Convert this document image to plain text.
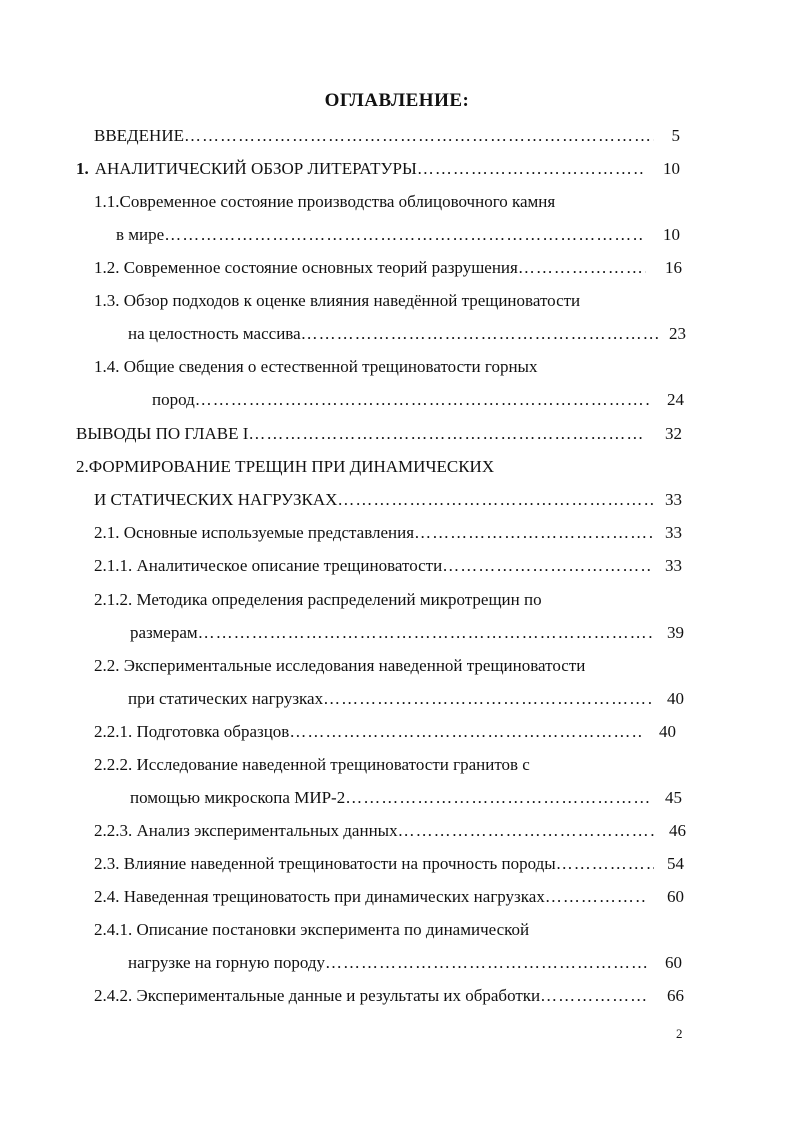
ОГЛАВЛЕНИЕ:
ВВЕДЕНИЕ ……………………………………………………………………………………………………………………………………………………	5
1. АНАЛИТИЧЕСКИЙ ОБЗОР ЛИТЕРАТУРЫ ……………………………………………………………………………………………………………………………………………………	10
1.1.Современное состояние производства облицовочного камня
в мире ……………………………………………………………………………………………………………………………………………………	10
1.2. Современное состояние основных теорий разрушения ……………………………………………………………………………………………………………………………………………………	16
1.3. Обзор подходов к оценке влияния наведённой трещиноватости
на целостность массива ……………………………………………………………………………………………………………………………………………………	23
1.4. Общие сведения о естественной трещиноватости горных
пород ……………………………………………………………………………………………………………………………………………………	24
ВЫВОДЫ ПО ГЛАВЕ I ……………………………………………………………………………………………………………………………………………………	32
2.ФОРМИРОВАНИЕ ТРЕЩИН ПРИ ДИНАМИЧЕСКИХ
И СТАТИЧЕСКИХ НАГРУЗКАХ ……………………………………………………………………………………………………………………………………………………	33
2.1. Основные используемые представления ……………………………………………………………………………………………………………………………………………………	33
2.1.1. Аналитическое описание трещиноватости ……………………………………………………………………………………………………………………………………………………	33
2.1.2. Методика определения распределений микротрещин по
размерам ……………………………………………………………………………………………………………………………………………………	39
2.2. Экспериментальные исследования наведенной трещиноватости
при статических нагрузках ……………………………………………………………………………………………………………………………………………………	40
2.2.1. Подготовка образцов ……………………………………………………………………………………………………………………………………………………	40
2.2.2. Исследование наведенной трещиноватости гранитов с
помощью микроскопа МИР-2 ……………………………………………………………………………………………………………………………………………………	45
2.2.3. Анализ экспериментальных данных ……………………………………………………………………………………………………………………………………………………	46
2.3. Влияние наведенной трещиноватости на прочность породы ……………………………………………………………………………………………………………………………………………………	54
2.4. Наведенная трещиноватость при динамических нагрузках ……………………………………………………………………………………………………………………………………………………	60
2.4.1. Описание постановки эксперимента по динамической
нагрузке на горную породу ……………………………………………………………………………………………………………………………………………………	60
2.4.2. Экспериментальные данные и результаты их обработки ……………………………………………………………………………………………………………………………………………………	66
2
